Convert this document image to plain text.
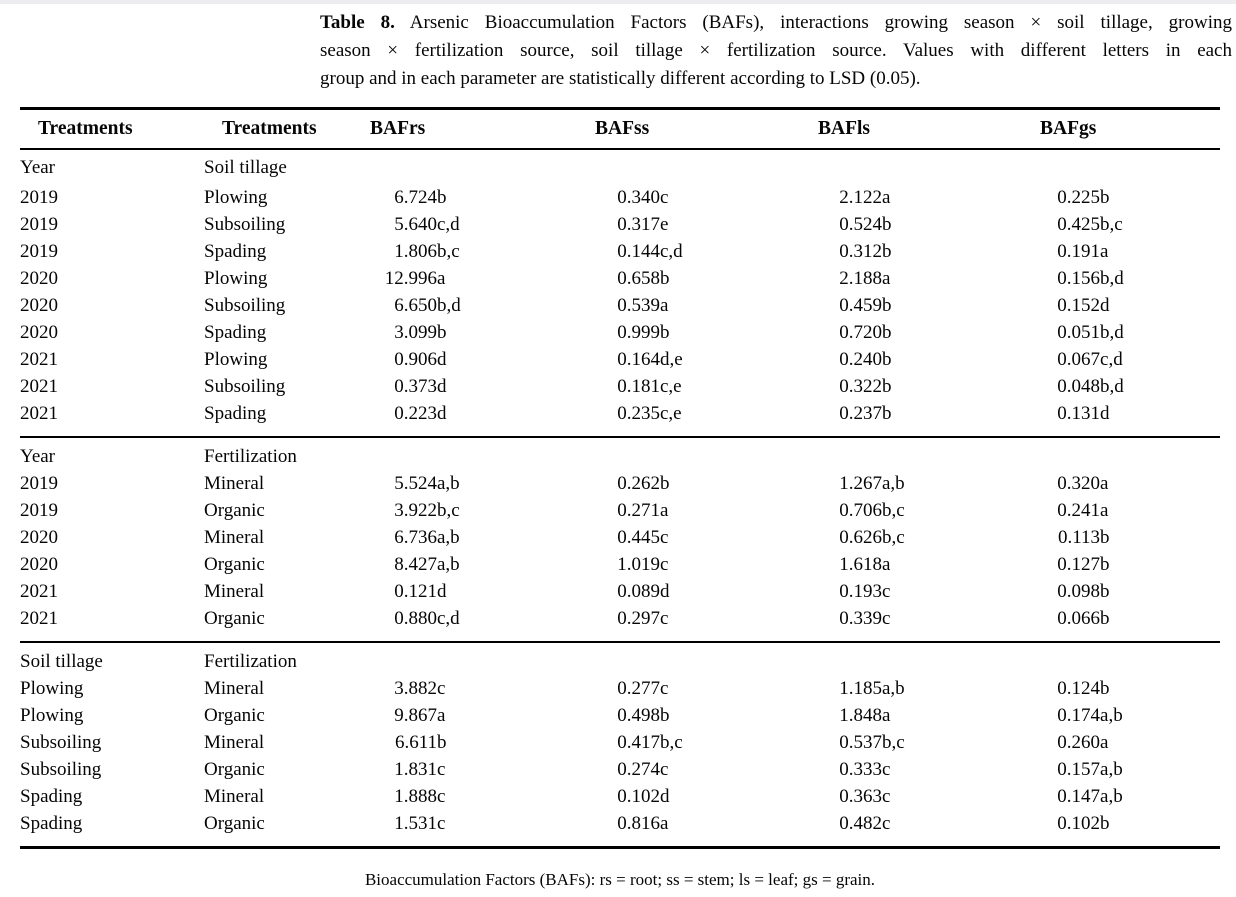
Table 8. Arsenic Bioaccumulation Factors (BAFs), interactions growing season × soil tillage, growing
season × fertilization source, soil tillage × fertilization source. Values with different letters in each
group and in each parameter are statistically different according to LSD (0.05).
Treatments	Treatments	BAFrs		BAFss		BAFls		BAFgs	
Year	Soil tillage								
2019	Plowing	6.724	b	0.340	c	2.122	a	0.225	b
2019	Subsoiling	5.640	c,d	0.317	e	0.524	b	0.425	b,c
2019	Spading	1.806	b,c	0.144	c,d	0.312	b	0.191	a
2020	Plowing	12.996	a	0.658	b	2.188	a	0.156	b,d
2020	Subsoiling	6.650	b,d	0.539	a	0.459	b	0.152	d
2020	Spading	3.099	b	0.999	b	0.720	b	0.051	b,d
2021	Plowing	0.906	d	0.164	d,e	0.240	b	0.067	c,d
2021	Subsoiling	0.373	d	0.181	c,e	0.322	b	0.048	b,d
2021	Spading	0.223	d	0.235	c,e	0.237	b	0.131	d
Year	Fertilization								
2019	Mineral	5.524	a,b	0.262	b	1.267	a,b	0.320	a
2019	Organic	3.922	b,c	0.271	a	0.706	b,c	0.241	a
2020	Mineral	6.736	a,b	0.445	c	0.626	b,c	0.113	b
2020	Organic	8.427	a,b	1.019	c	1.618	a	0.127	b
2021	Mineral	0.121	d	0.089	d	0.193	c	0.098	b
2021	Organic	0.880	c,d	0.297	c	0.339	c	0.066	b
Soil tillage	Fertilization								
Plowing	Mineral	3.882	c	0.277	c	1.185	a,b	0.124	b
Plowing	Organic	9.867	a	0.498	b	1.848	a	0.174	a,b
Subsoiling	Mineral	6.611	b	0.417	b,c	0.537	b,c	0.260	a
Subsoiling	Organic	1.831	c	0.274	c	0.333	c	0.157	a,b
Spading	Mineral	1.888	c	0.102	d	0.363	c	0.147	a,b
Spading	Organic	1.531	c	0.816	a	0.482	c	0.102	b
Bioaccumulation Factors (BAFs): rs = root; ss = stem; ls = leaf; gs = grain.
